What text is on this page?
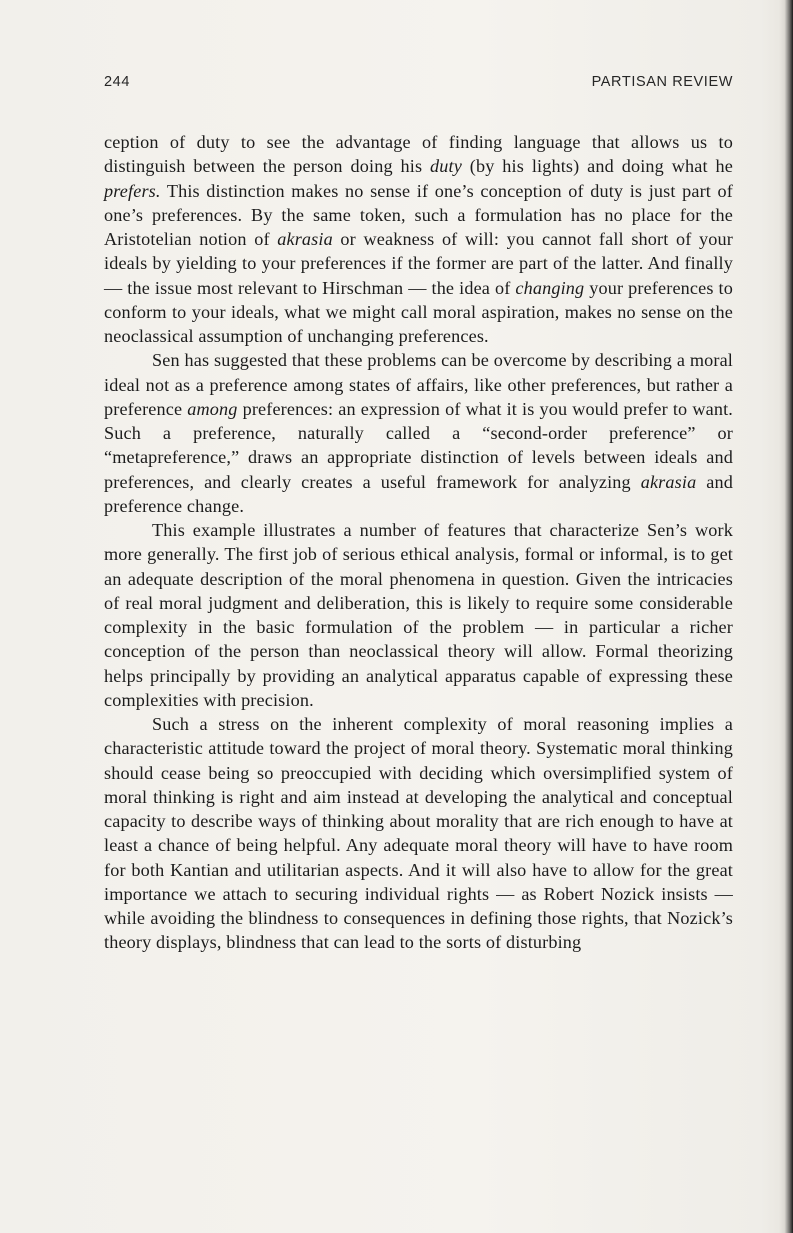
244	PARTISAN REVIEW

ception of duty to see the advantage of finding language that allows us to distinguish between the person doing his duty (by his lights) and doing what he prefers. This distinction makes no sense if one’s conception of duty is just part of one’s preferences. By the same token, such a formulation has no place for the Aristotelian notion of akrasia or weakness of will: you cannot fall short of your ideals by yielding to your preferences if the former are part of the latter. And finally — the issue most relevant to Hirschman — the idea of changing your preferences to conform to your ideals, what we might call moral aspiration, makes no sense on the neoclassical assumption of unchanging preferences.

Sen has suggested that these problems can be overcome by describing a moral ideal not as a preference among states of affairs, like other preferences, but rather a preference among preferences: an expression of what it is you would prefer to want. Such a preference, naturally called a “second-order preference” or “metapreference,” draws an appropriate distinction of levels between ideals and preferences, and clearly creates a useful framework for analyzing akrasia and preference change.

This example illustrates a number of features that characterize Sen’s work more generally. The first job of serious ethical analysis, formal or informal, is to get an adequate description of the moral phenomena in question. Given the intricacies of real moral judgment and deliberation, this is likely to require some considerable complexity in the basic formulation of the problem — in particular a richer conception of the person than neoclassical theory will allow. Formal theorizing helps principally by providing an analytical apparatus capable of expressing these complexities with precision.

Such a stress on the inherent complexity of moral reasoning implies a characteristic attitude toward the project of moral theory. Systematic moral thinking should cease being so preoccupied with deciding which oversimplified system of moral thinking is right and aim instead at developing the analytical and conceptual capacity to describe ways of thinking about morality that are rich enough to have at least a chance of being helpful. Any adequate moral theory will have to have room for both Kantian and utilitarian aspects. And it will also have to allow for the great importance we attach to securing individual rights — as Robert Nozick insists — while avoiding the blindness to consequences in defining those rights, that Nozick’s theory displays, blindness that can lead to the sorts of disturbing
